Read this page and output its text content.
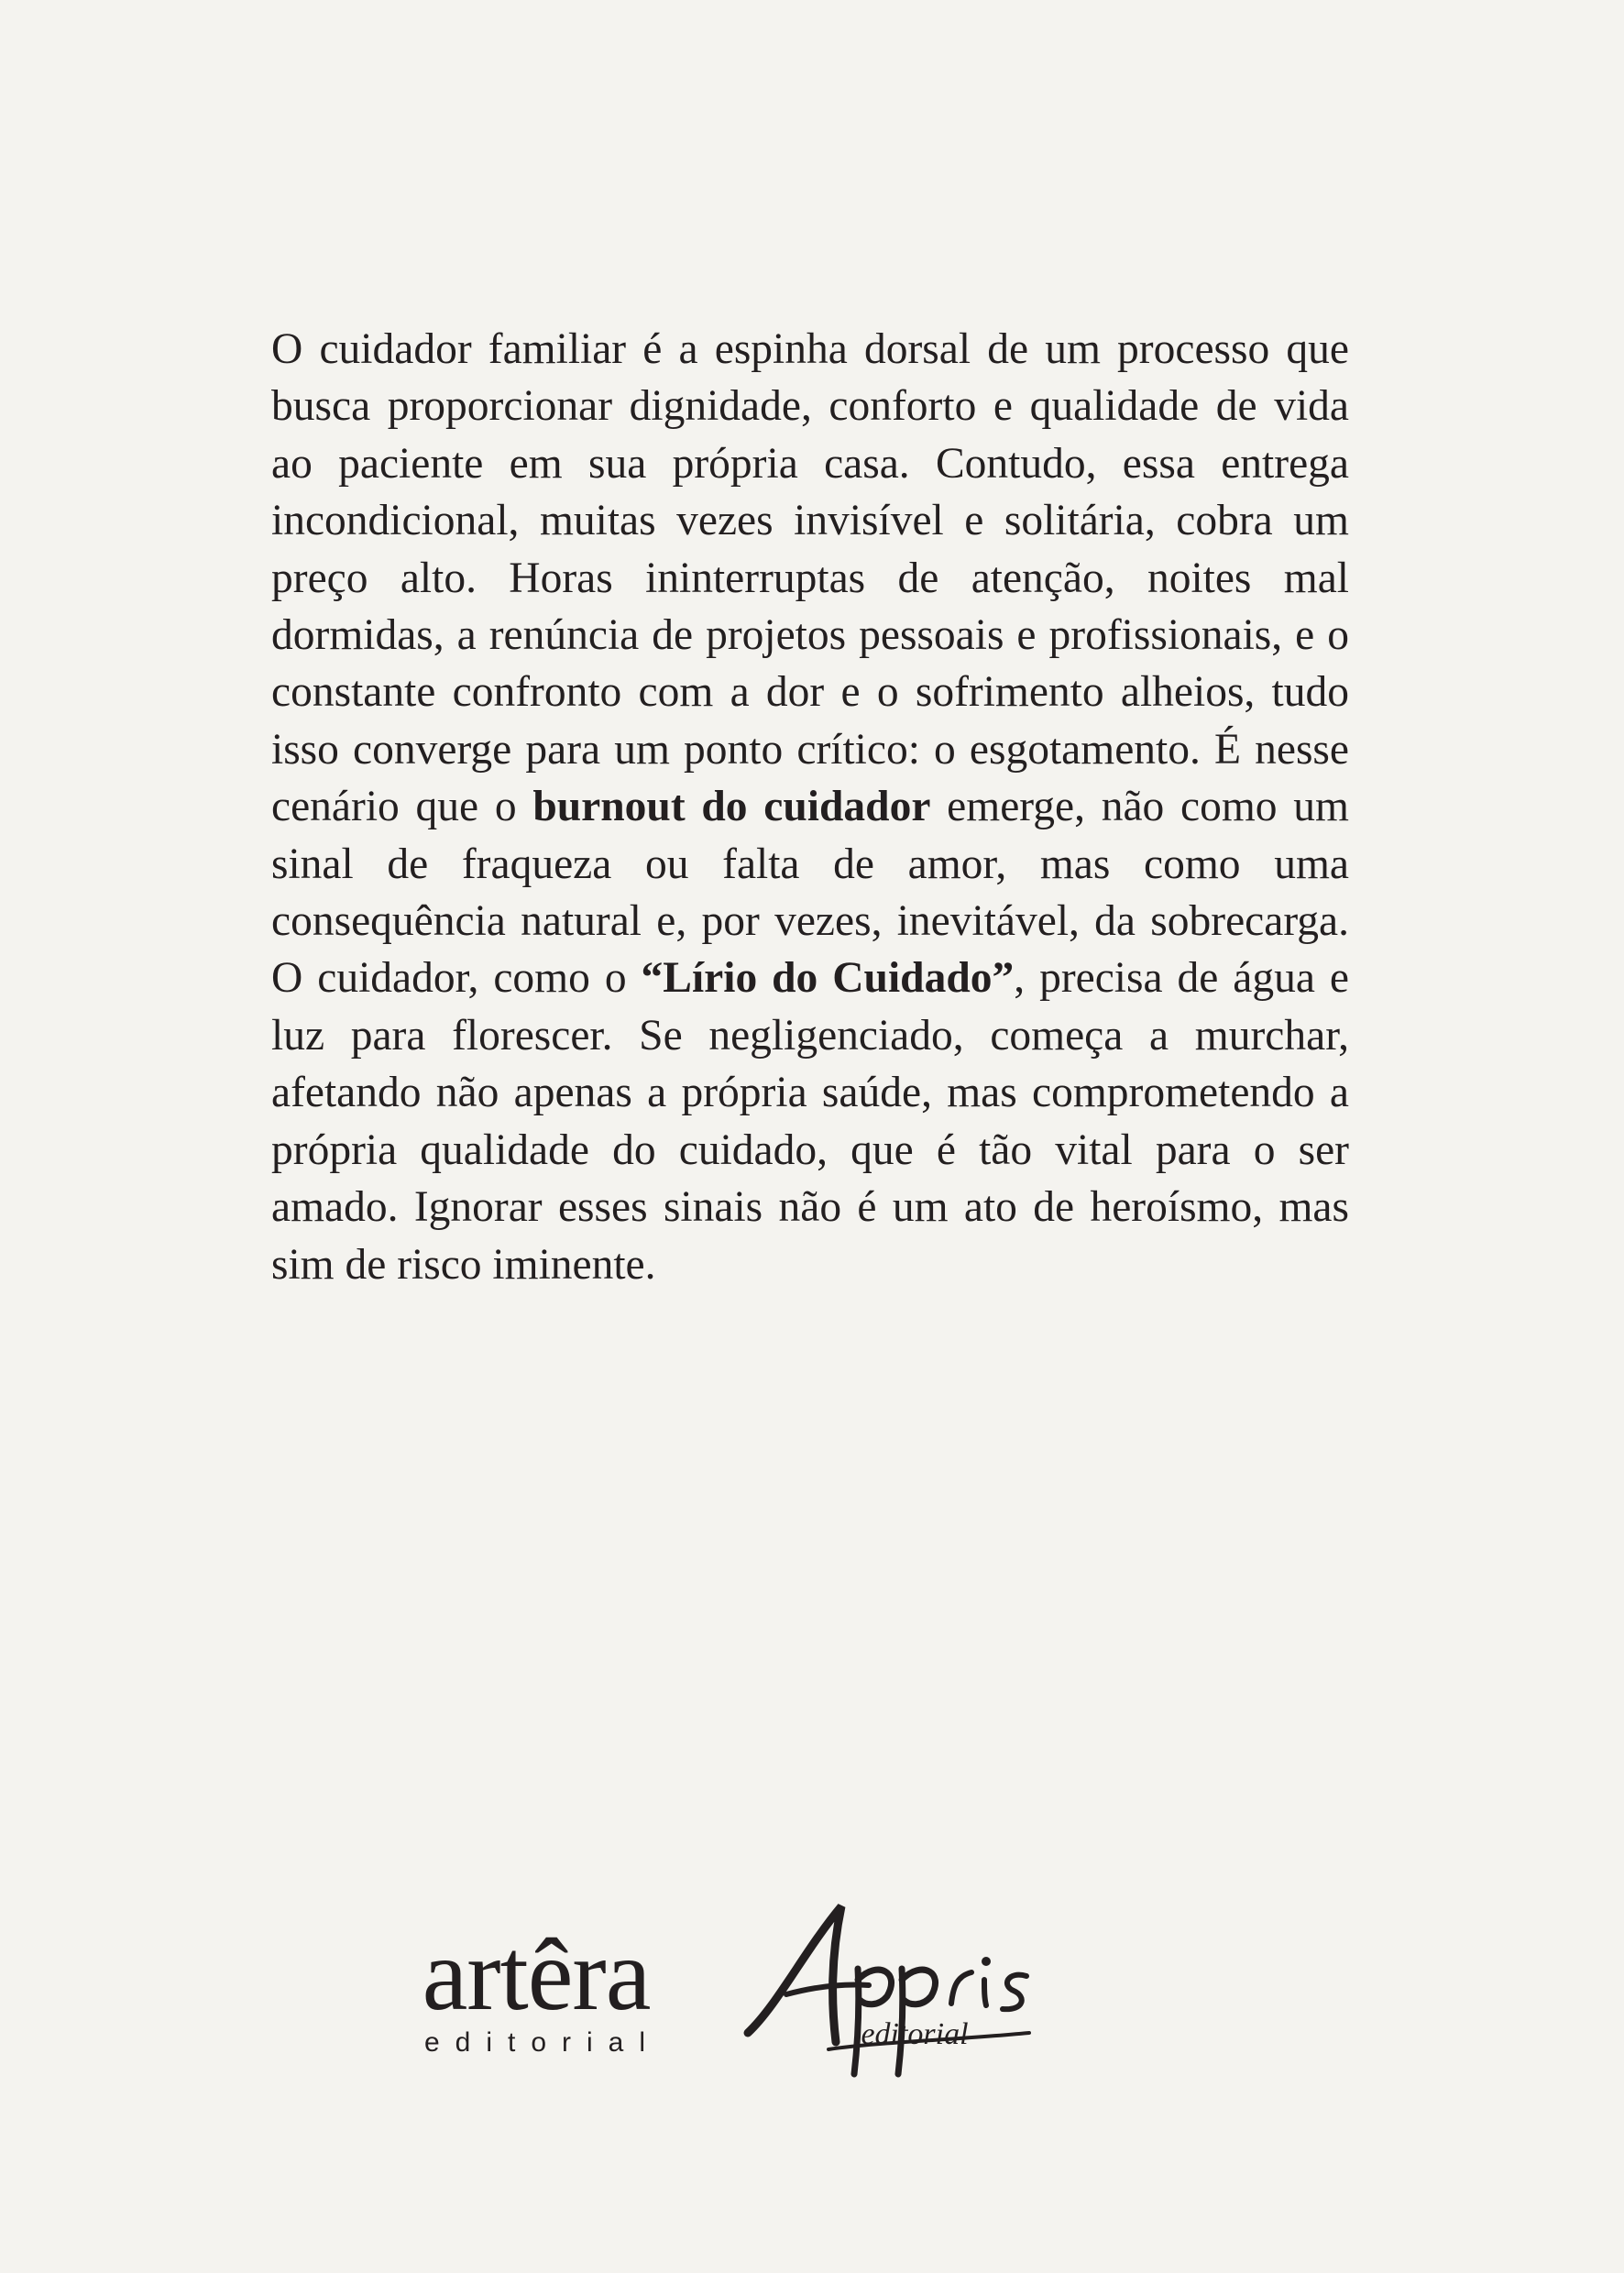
O cuidador familiar é a espinha dorsal de um processo que busca proporcionar dignidade, conforto e qualidade de vida ao paciente em sua própria casa. Contudo, essa entrega incondicional, muitas vezes invisível e solitária, cobra um preço alto. Horas ininterruptas de atenção, noites mal dormidas, a renúncia de projetos pessoais e profissionais, e o constante confronto com a dor e o sofrimento alheios, tudo isso converge para um ponto crítico: o esgotamento. É nesse cenário que o burnout do cuidador emerge, não como um sinal de fraqueza ou falta de amor, mas como uma consequência natural e, por vezes, inevitável, da sobrecarga. O cuidador, como o “Lírio do Cuidado”, precisa de água e luz para florescer. Se negligenciado, começa a murchar, afetando não apenas a própria saúde, mas comprometendo a própria qualidade do cuidado, que é tão vital para o ser amado. Ignorar esses sinais não é um ato de heroísmo, mas sim de risco iminente.

artêra
editorial	editorial
